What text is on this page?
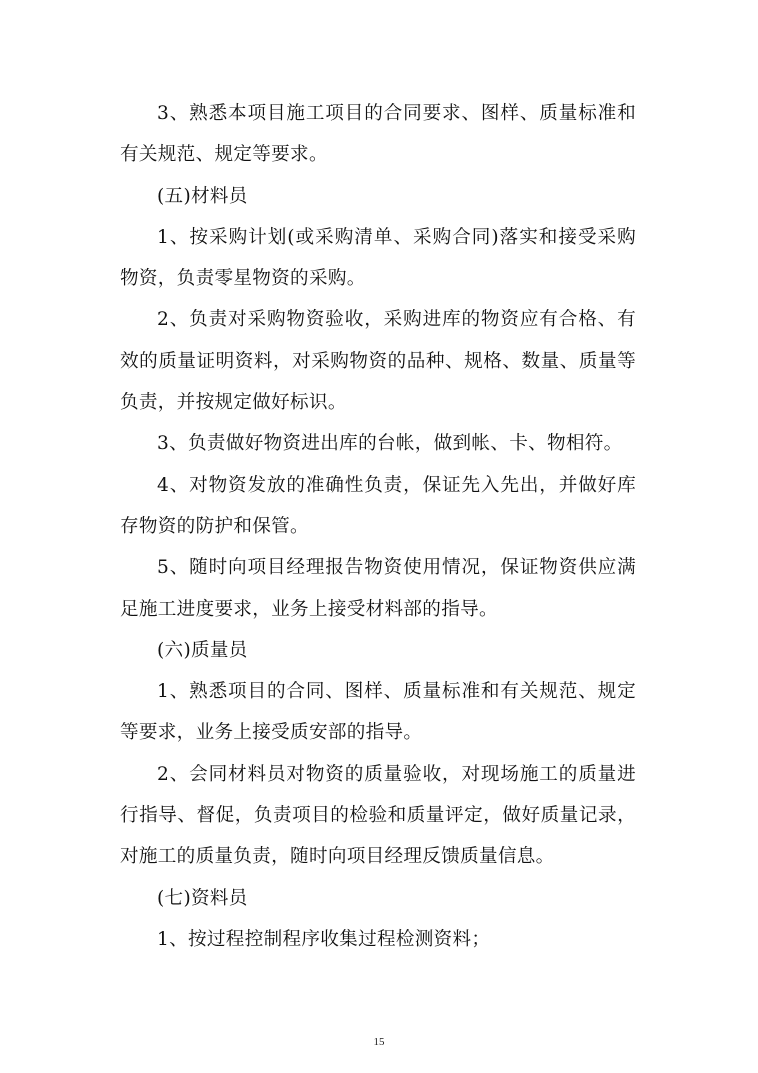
3、熟悉本项目施工项目的合同要求、图样、质量标准和有关规范、规定等要求。

(五)材料员

1、按采购计划(或采购清单、采购合同)落实和接受采购物资，负责零星物资的采购。

2、负责对采购物资验收，采购进库的物资应有合格、有效的质量证明资料，对采购物资的品种、规格、数量、质量等负责，并按规定做好标识。

3、负责做好物资进出库的台帐，做到帐、卡、物相符。

4、对物资发放的准确性负责，保证先入先出，并做好库存物资的防护和保管。

5、随时向项目经理报告物资使用情况，保证物资供应满足施工进度要求，业务上接受材料部的指导。

(六)质量员

1、熟悉项目的合同、图样、质量标准和有关规范、规定等要求，业务上接受质安部的指导。

2、会同材料员对物资的质量验收，对现场施工的质量进行指导、督促，负责项目的检验和质量评定，做好质量记录，对施工的质量负责，随时向项目经理反馈质量信息。

(七)资料员

1、按过程控制程序收集过程检测资料；

15
